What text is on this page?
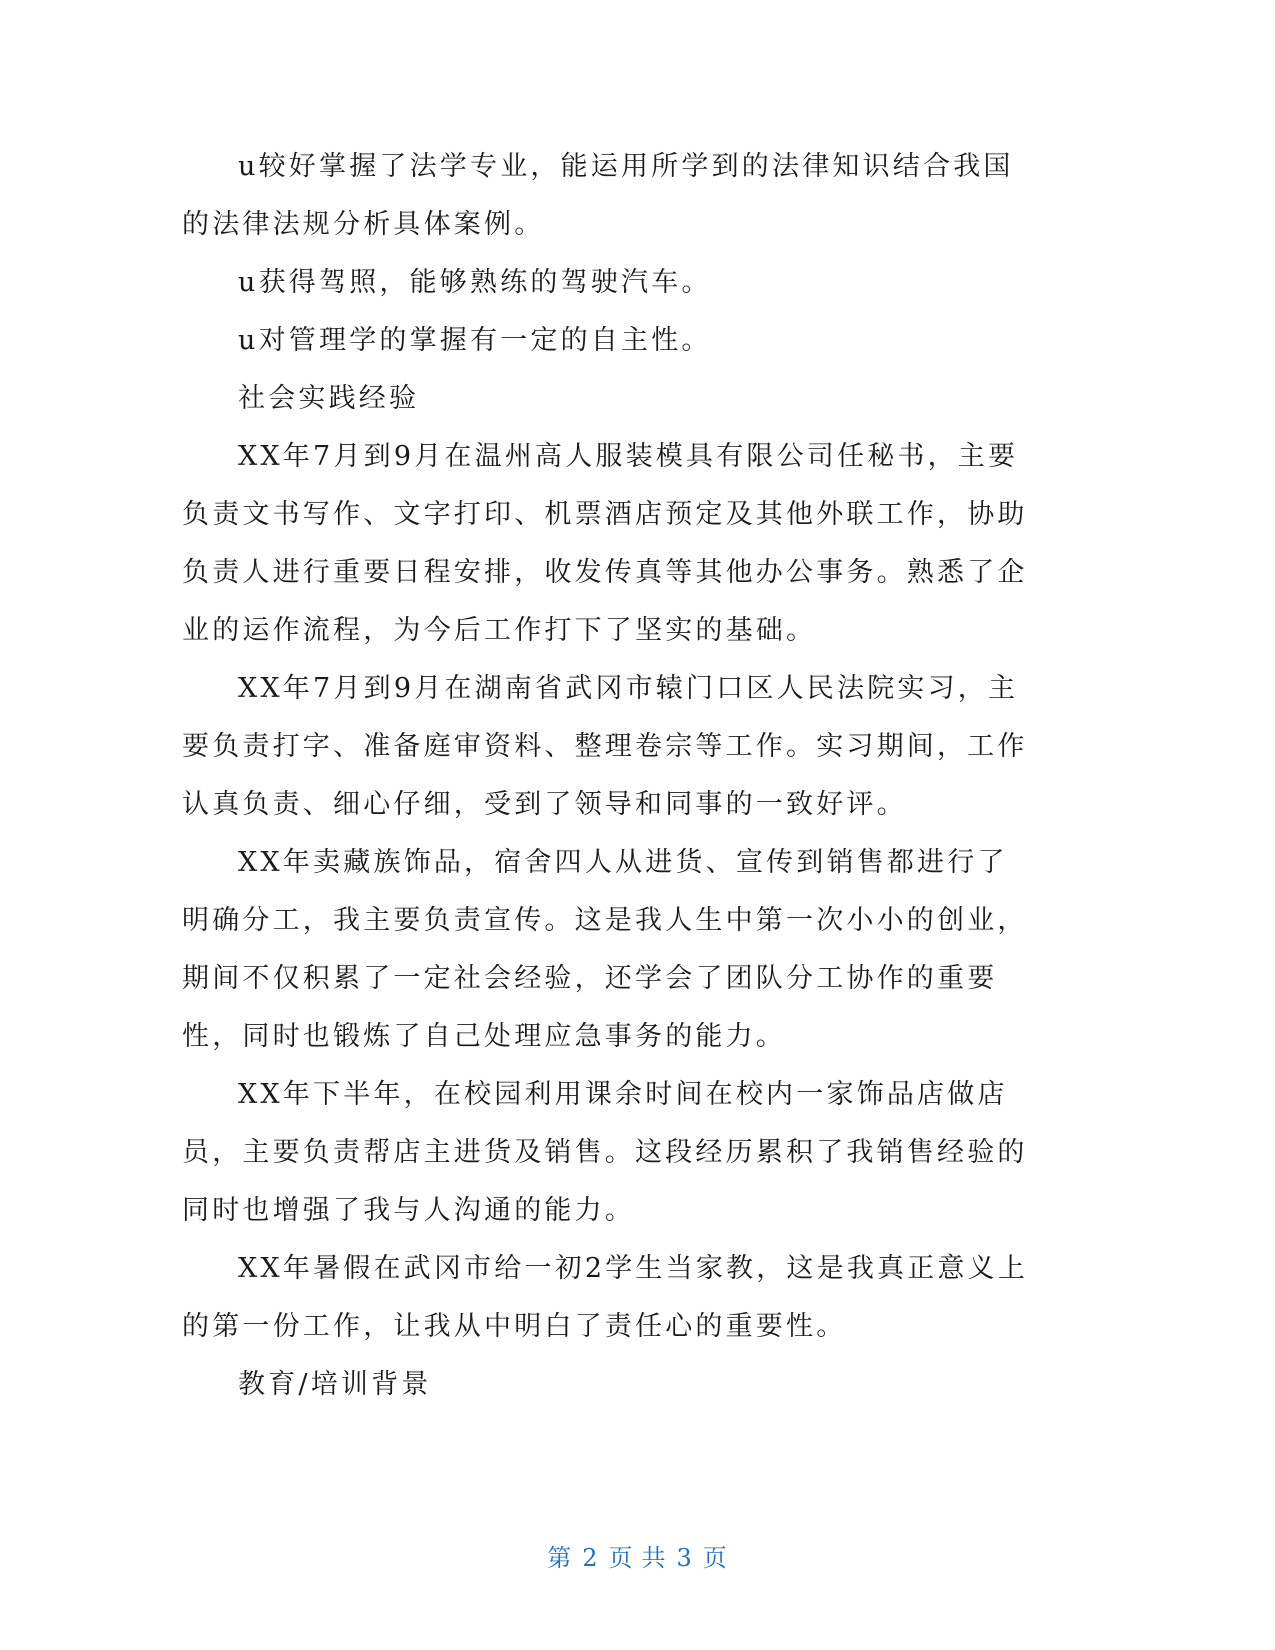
u较好掌握了法学专业，能运用所学到的法律知识结合我国的法律法规分析具体案例。

u获得驾照，能够熟练的驾驶汽车。

u对管理学的掌握有一定的自主性。

社会实践经验

XX年7月到9月在温州高人服装模具有限公司任秘书，主要负责文书写作、文字打印、机票酒店预定及其他外联工作，协助负责人进行重要日程安排，收发传真等其他办公事务。熟悉了企业的运作流程，为今后工作打下了坚实的基础。

XX年7月到9月在湖南省武冈市辕门口区人民法院实习，主要负责打字、准备庭审资料、整理卷宗等工作。实习期间，工作认真负责、细心仔细，受到了领导和同事的一致好评。

XX年卖藏族饰品，宿舍四人从进货、宣传到销售都进行了明确分工，我主要负责宣传。这是我人生中第一次小小的创业，期间不仅积累了一定社会经验，还学会了团队分工协作的重要性，同时也锻炼了自己处理应急事务的能力。

XX年下半年，在校园利用课余时间在校内一家饰品店做店员，主要负责帮店主进货及销售。这段经历累积了我销售经验的同时也增强了我与人沟通的能力。

XX年暑假在武冈市给一初2学生当家教，这是我真正意义上的第一份工作，让我从中明白了责任心的重要性。

教育/培训背景

第 2 页 共 3 页
